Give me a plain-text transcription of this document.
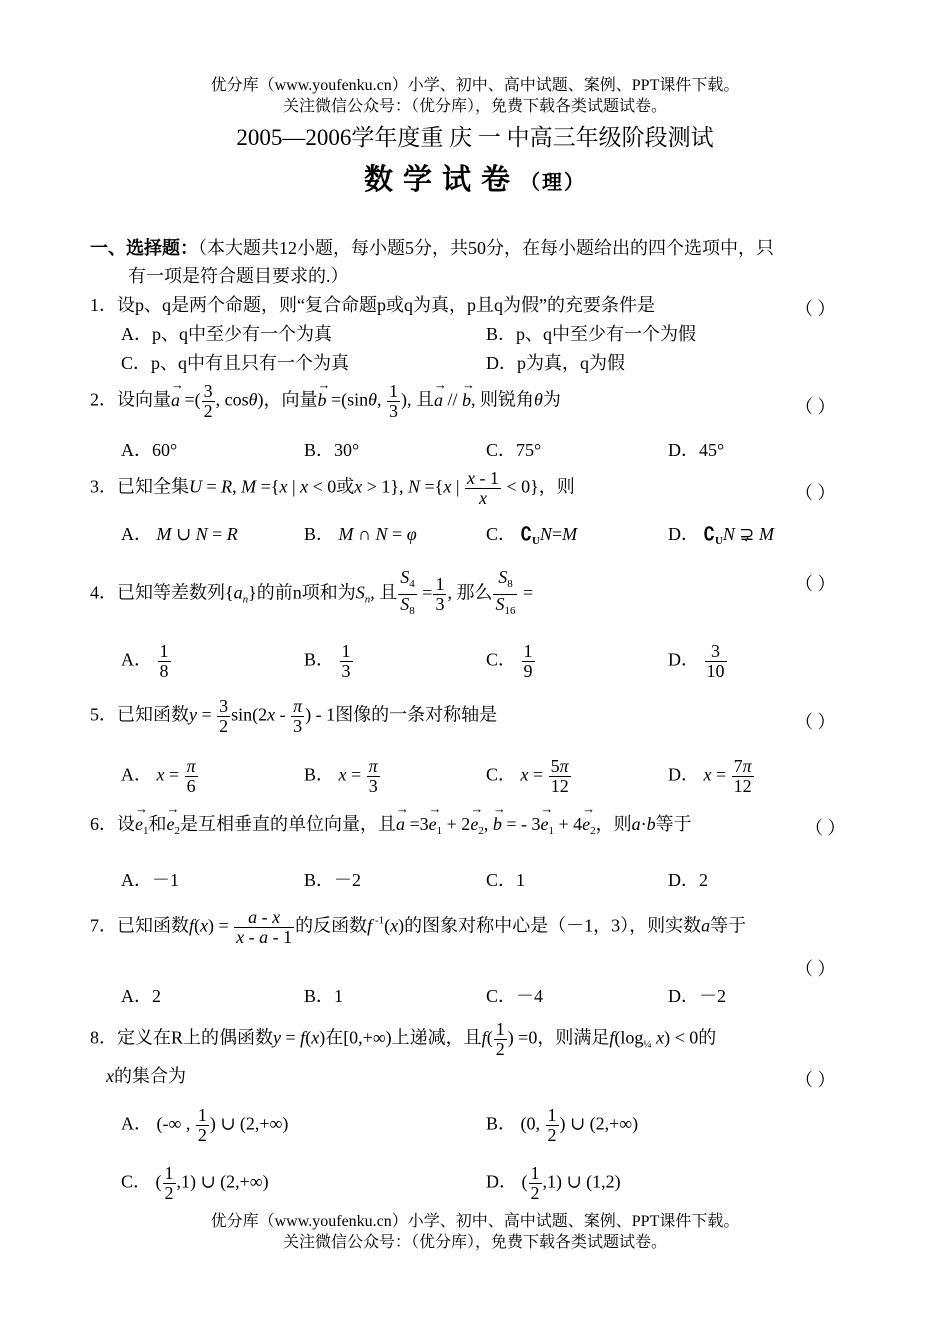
优分库（www.youfenku.cn）小学、初中、高中试题、案例、PPT课件下载。
关注微信公众号：（优分库），免费下载各类试题试卷。
2005—2006学年度重 庆 一 中高三年级阶段测试
数学试卷（理）
一、选择题：（本大题共12小题，每小题5分，共50分，在每小题给出的四个选项中，只
有一项是符合题目要求的.）
1．设p、q是两个命题，则“复合命题p或q为真，p且q为假”的充要条件是	（ ）
A．p、q中至少有一个为真	B．p、q中至少有一个为假
C．p、q中有且只有一个为真	D．p为真，q为假
2．设向量→ a =( $\frac{3}{2}$ , cosθ)，向量→ b =(sinθ, $\frac{1}{3}$ ), 且→ a // → b, 则锐角θ为	（ ）
A．60°	B．30°	C．75°	D．45°
3．已知全集U = R, M ={x | x < 0或x > 1}, N ={x | $\frac{x - 1}{x} < 0$}，则	（ ）
A． M ∪ N = R	B． M ∩ N = φ	C． $∁_UN=M$	D． $∁_UN$ ⊋ M
4．已知等差数列$\{a_n\}$的前n项和为$S_n$, 且 $\frac{S_4}{S_8} = \frac{1}{3}$ , 那么 $\frac{S_8}{S_{16}}$ =	（ ）
A． $\frac{1}{8}$	B． $\frac{1}{3}$	C． $\frac{1}{9}$	D． $\frac{3}{10}$
5．已知函数$y = \frac{3}{2} \sin(2x - \frac{\pi}{3}$ ) - 1图像的一条对称轴是	（ ）
A． $x = \frac{\pi}{6}$	B． $x = \frac{\pi}{3}$	C． $x = \frac{5\pi}{12}$	D． $x = \frac{7\pi}{12}$
6．设→ $e_1$和→ $e_2$是互相垂直的单位向量，且→ $a =3\to e_1 + 2\to e_2$, → b = - $3\to e_1 + 4\to e_2$，则a·b等于	（ ）
A．－1	B．－2	C．1	D．2
7．已知函数$f(x) = \frac{a - x}{x - a - 1}$ 的反函数f $^{-1}$(x)的图象对称中心是（－1，3），则实数a等于
（ ）
A．2	B．1	C．－4	D．－2
8．定义在R上的偶函数y = f(x)在[0,+∞)上递减，且$f( \frac{1}{2}$ ) =0，则满足$f(\log_{\frac{1}{4}}$ x) < 0的
x的集合为	（ ）
A． (-∞ , $\frac{1}{2}$ ) ∪ (2,+∞)	B． (0, $\frac{1}{2}$ ) ∪ (2,+∞)
C． ( $\frac{1}{2} ,1$) ∪ (2,+∞)	D． ( $\frac{1}{2} ,1$) ∪ (1,2)
优分库（www.youfenku.cn）小学、初中、高中试题、案例、PPT课件下载。
关注微信公众号：（优分库），免费下载各类试题试卷。
